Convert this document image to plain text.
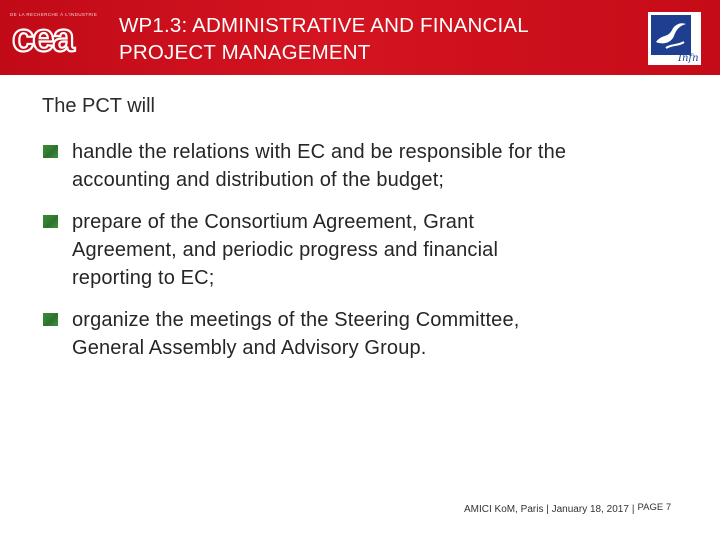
DE LA RECHERCHE À L'INDUSTRIE
cea WP1.3: ADMINISTRATIVE AND FINANCIAL
PROJECT MANAGEMENT	Infn
The PCT will
handle the relations with EC and be responsible for the
accounting and distribution of the budget;
prepare of the Consortium Agreement, Grant
Agreement, and periodic progress and financial
reporting to EC;
organize the meetings of the Steering Committee,
General Assembly and Advisory Group.
AMICI KoM, Paris | January 18, 2017 | PAGE 7
